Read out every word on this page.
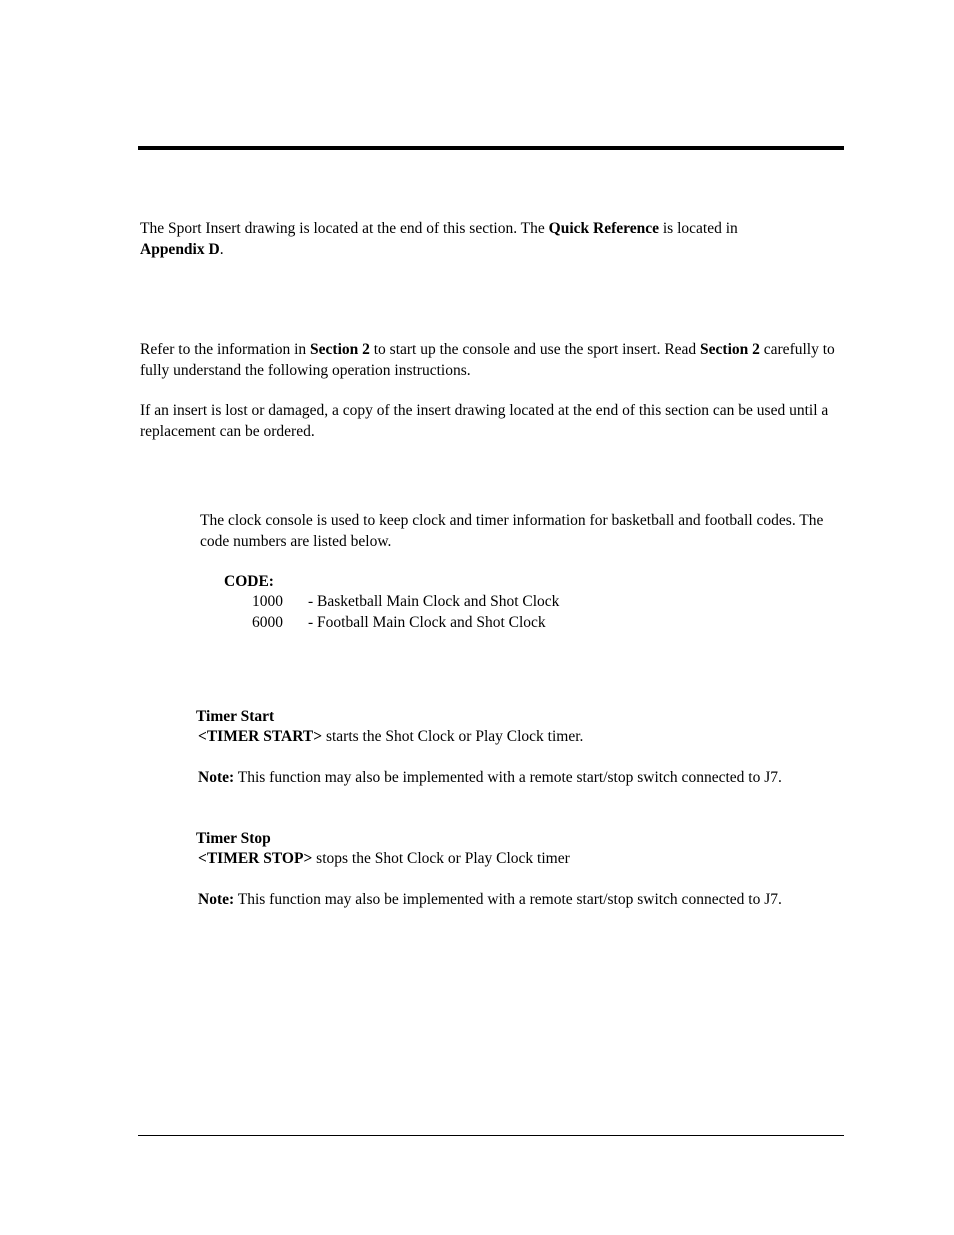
The Sport Insert drawing is located at the end of this section. The Quick Reference is located in
Appendix D.

Refer to the information in Section 2 to start up the console and use the sport insert. Read Section 2 carefully to fully understand the following operation instructions.

If an insert is lost or damaged, a copy of the insert drawing located at the end of this section can be used until a replacement can be ordered.

The clock console is used to keep clock and timer information for basketball and football codes. The code numbers are listed below.

CODE:
1000 - Basketball Main Clock and Shot Clock
6000 - Football Main Clock and Shot Clock
Timer Start

<TIMER START> starts the Shot Clock or Play Clock timer.

Note: This function may also be implemented with a remote start/stop switch connected to J7.

Timer Stop

<TIMER STOP> stops the Shot Clock or Play Clock timer

Note: This function may also be implemented with a remote start/stop switch connected to J7.
